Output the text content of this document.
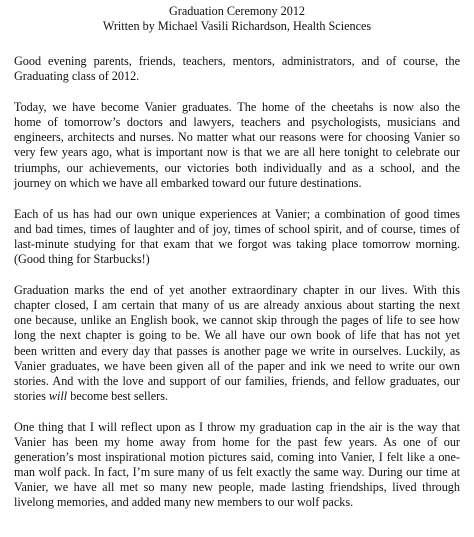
Graduation Ceremony 2012
Written by Michael Vasili Richardson, Health Sciences

Good evening parents, friends, teachers, mentors, administrators, and of course, the
Graduating class of 2012.

Today, we have become Vanier graduates. The home of the cheetahs is now also the
home of tomorrow’s doctors and lawyers, teachers and psychologists, musicians and
engineers, architects and nurses. No matter what our reasons were for choosing Vanier so
very few years ago, what is important now is that we are all here tonight to celebrate our
triumphs, our achievements, our victories both individually and as a school, and the
journey on which we have all embarked toward our future destinations.

Each of us has had our own unique experiences at Vanier; a combination of good times
and bad times, times of laughter and of joy, times of school spirit, and of course, times of
last-minute studying for that exam that we forgot was taking place tomorrow morning.
(Good thing for Starbucks!)

Graduation marks the end of yet another extraordinary chapter in our lives. With this
chapter closed, I am certain that many of us are already anxious about starting the next
one because, unlike an English book, we cannot skip through the pages of life to see how
long the next chapter is going to be. We all have our own book of life that has not yet
been written and every day that passes is another page we write in ourselves. Luckily, as
Vanier graduates, we have been given all of the paper and ink we need to write our own
stories. And with the love and support of our families, friends, and fellow graduates, our
stories will become best sellers.

One thing that I will reflect upon as I throw my graduation cap in the air is the way that
Vanier has been my home away from home for the past few years. As one of our
generation’s most inspirational motion pictures said, coming into Vanier, I felt like a one-
man wolf pack. In fact, I’m sure many of us felt exactly the same way. During our time at
Vanier, we have all met so many new people, made lasting friendships, lived through
livelong memories, and added many new members to our wolf packs.
